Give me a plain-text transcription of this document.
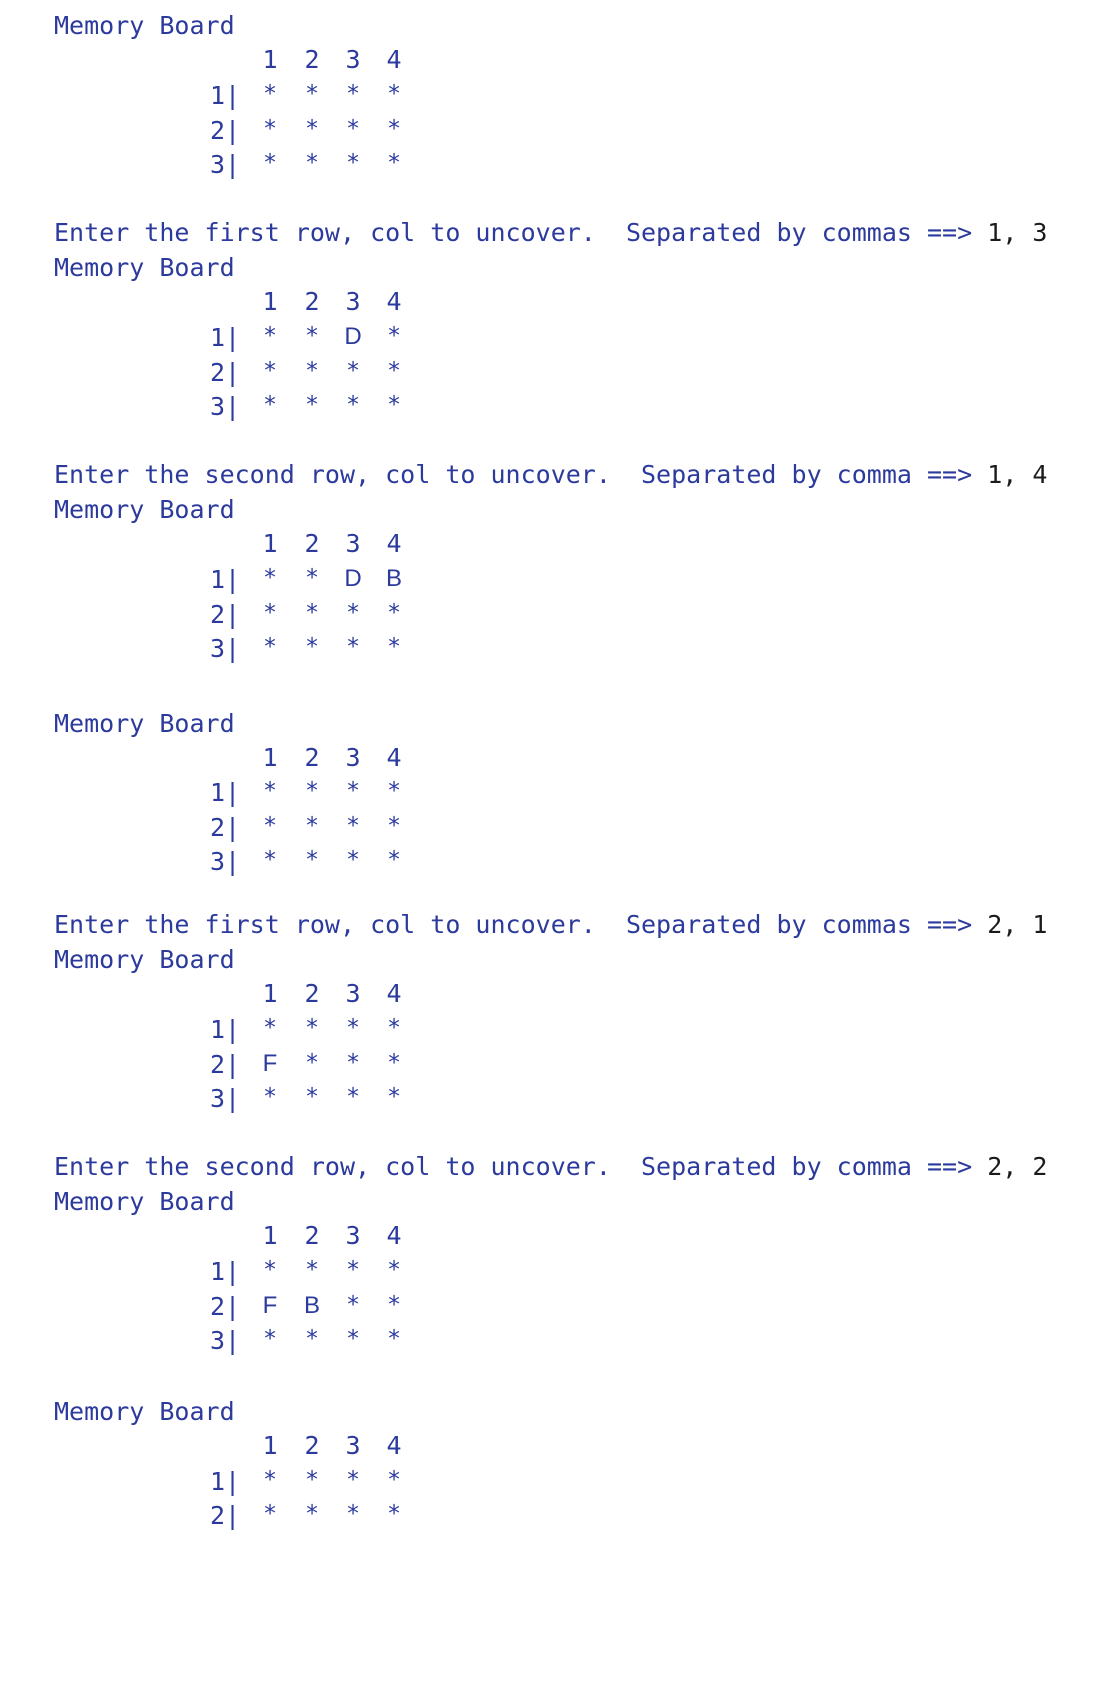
Memory Board
1 2 3 4
1| *	*	*	*
2| *	*	*	*
3| *	*	*	*
Enter the first row, col to uncover.  Separated by commas ==> 1, 3
Memory Board
1 2 3 4
1| *	*	D	*
2| *	*	*	*
3| *	*	*	*
Enter the second row, col to uncover.  Separated by comma ==> 1, 4
Memory Board
1 2 3 4
1| *	*	D B
2| *	*	*	*
3| *	*	*	*
Memory Board
1 2 3 4
1| *	*	*	*
2| *	*	*	*
3| *	*	*	*
Enter the first row, col to uncover.  Separated by commas ==> 2, 1
Memory Board
1 2 3 4
1| *	*	*	*
2| F	*	*	*
3| *	*	*	*
Enter the second row, col to uncover.  Separated by comma ==> 2, 2
Memory Board
1 2 3 4
1| *	*	*	*
2| F	B	*	*
3| *	*	*	*
Memory Board
1 2 3 4
1| *	*	*	*
2| *	*	*	*
